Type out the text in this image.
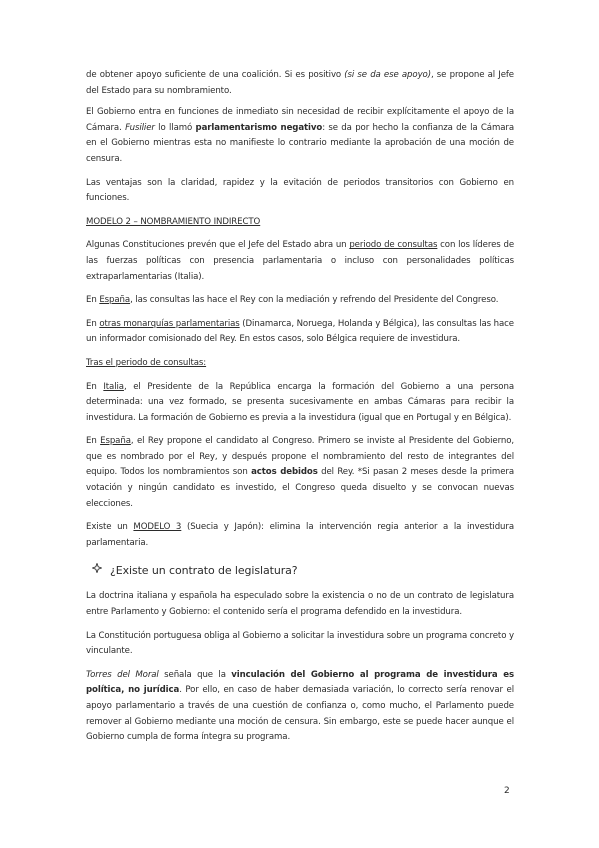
de obtener apoyo suficiente de una coalición. Si es positivo (si se da ese apoyo), se propone al Jefe del Estado para su nombramiento.

El Gobierno entra en funciones de inmediato sin necesidad de recibir explícitamente el apoyo de la Cámara. Fusilier lo llamó parlamentarismo negativo: se da por hecho la confianza de la Cámara en el Gobierno mientras esta no manifieste lo contrario mediante la aprobación de una moción de censura.

Las ventajas son la claridad, rapidez y la evitación de periodos transitorios con Gobierno en funciones.

MODELO 2 – NOMBRAMIENTO INDIRECTO

Algunas Constituciones prevén que el Jefe del Estado abra un periodo de consultas con los líderes de las fuerzas políticas con presencia parlamentaria o incluso con personalidades políticas extraparlamentarias (Italia).

En España, las consultas las hace el Rey con la mediación y refrendo del Presidente del Congreso.

En otras monarquías parlamentarias (Dinamarca, Noruega, Holanda y Bélgica), las consultas las hace un informador comisionado del Rey. En estos casos, solo Bélgica requiere de investidura.

Tras el periodo de consultas:

En Italia, el Presidente de la República encarga la formación del Gobierno a una persona determinada: una vez formado, se presenta sucesivamente en ambas Cámaras para recibir la investidura. La formación de Gobierno es previa a la investidura (igual que en Portugal y en Bélgica).

En España, el Rey propone el candidato al Congreso. Primero se inviste al Presidente del Gobierno, que es nombrado por el Rey, y después propone el nombramiento del resto de integrantes del equipo. Todos los nombramientos son actos debidos del Rey. *Si pasan 2 meses desde la primera votación y ningún candidato es investido, el Congreso queda disuelto y se convocan nuevas elecciones.

Existe un MODELO 3 (Suecia y Japón): elimina la intervención regia anterior a la investidura parlamentaria.

¿Existe un contrato de legislatura?

La doctrina italiana y española ha especulado sobre la existencia o no de un contrato de legislatura entre Parlamento y Gobierno: el contenido sería el programa defendido en la investidura.

La Constitución portuguesa obliga al Gobierno a solicitar la investidura sobre un programa concreto y vinculante.

Torres del Moral señala que la vinculación del Gobierno al programa de investidura es política, no jurídica. Por ello, en caso de haber demasiada variación, lo correcto sería renovar el apoyo parlamentario a través de una cuestión de confianza o, como mucho, el Parlamento puede remover al Gobierno mediante una moción de censura. Sin embargo, este se puede hacer aunque el Gobierno cumpla de forma íntegra su programa.

2
